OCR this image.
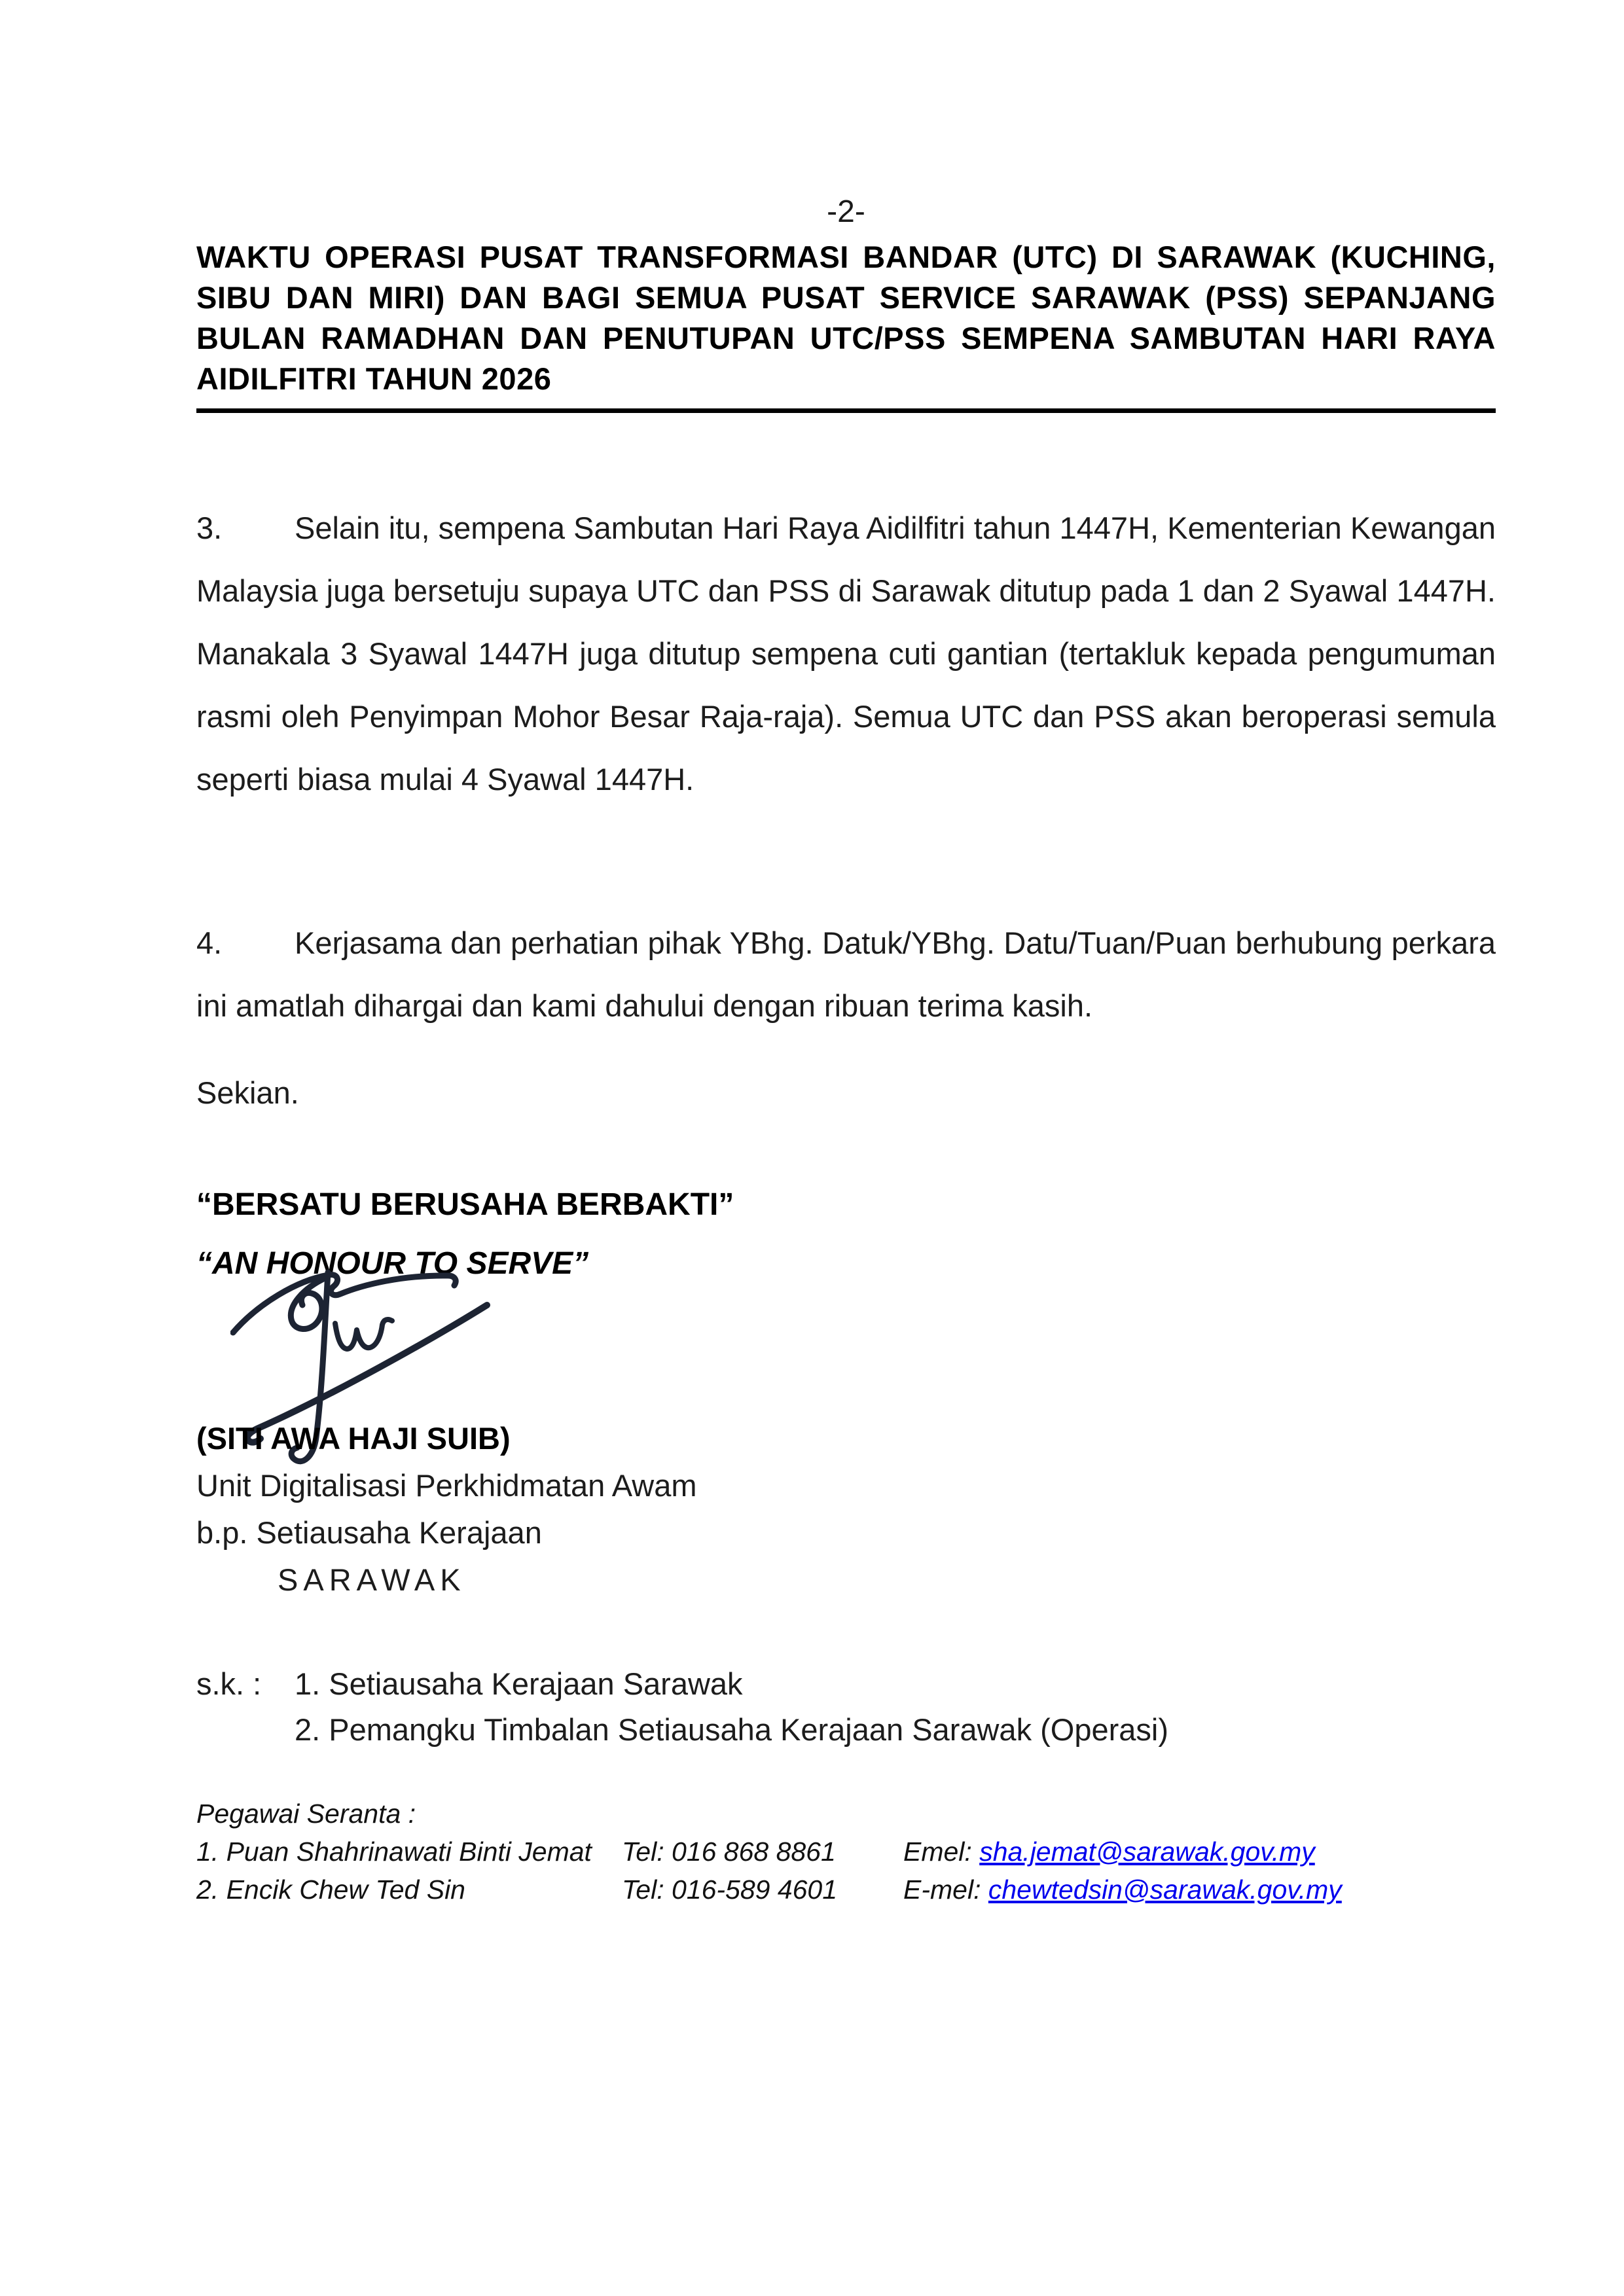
-2-
WAKTU OPERASI PUSAT TRANSFORMASI BANDAR (UTC) DI SARAWAK (KUCHING, SIBU DAN MIRI) DAN BAGI SEMUA PUSAT SERVICE SARAWAK (PSS) SEPANJANG BULAN RAMADHAN DAN PENUTUPAN UTC/PSS SEMPENA SAMBUTAN HARI RAYA AIDILFITRI TAHUN 2026

3. Selain itu, sempena Sambutan Hari Raya Aidilfitri tahun 1447H, Kementerian Kewangan Malaysia juga bersetuju supaya UTC dan PSS di Sarawak ditutup pada 1 dan 2 Syawal 1447H. Manakala 3 Syawal 1447H juga ditutup sempena cuti gantian (tertakluk kepada pengumuman rasmi oleh Penyimpan Mohor Besar Raja-raja). Semua UTC dan PSS akan beroperasi semula seperti biasa mulai 4 Syawal 1447H.

4. Kerjasama dan perhatian pihak YBhg. Datuk/YBhg. Datu/Tuan/Puan berhubung perkara ini amatlah dihargai dan kami dahului dengan ribuan terima kasih.

Sekian.
“BERSATU BERUSAHA BERBAKTI”
“AN HONOUR TO SERVE”
(SITI AWA HAJI SUIB)
Unit Digitalisasi Perkhidmatan Awam
b.p. Setiausaha Kerajaan
SARAWAK
s.k. :	1. Setiausaha Kerajaan Sarawak
2. Pemangku Timbalan Setiausaha Kerajaan Sarawak (Operasi)
Pegawai Seranta :
1. Puan Shahrinawati Binti Jemat	Tel: 016 868 8861	Emel: sha.jemat@sarawak.gov.my
2. Encik Chew Ted Sin	Tel: 016-589 4601	E-mel: chewtedsin@sarawak.gov.my
